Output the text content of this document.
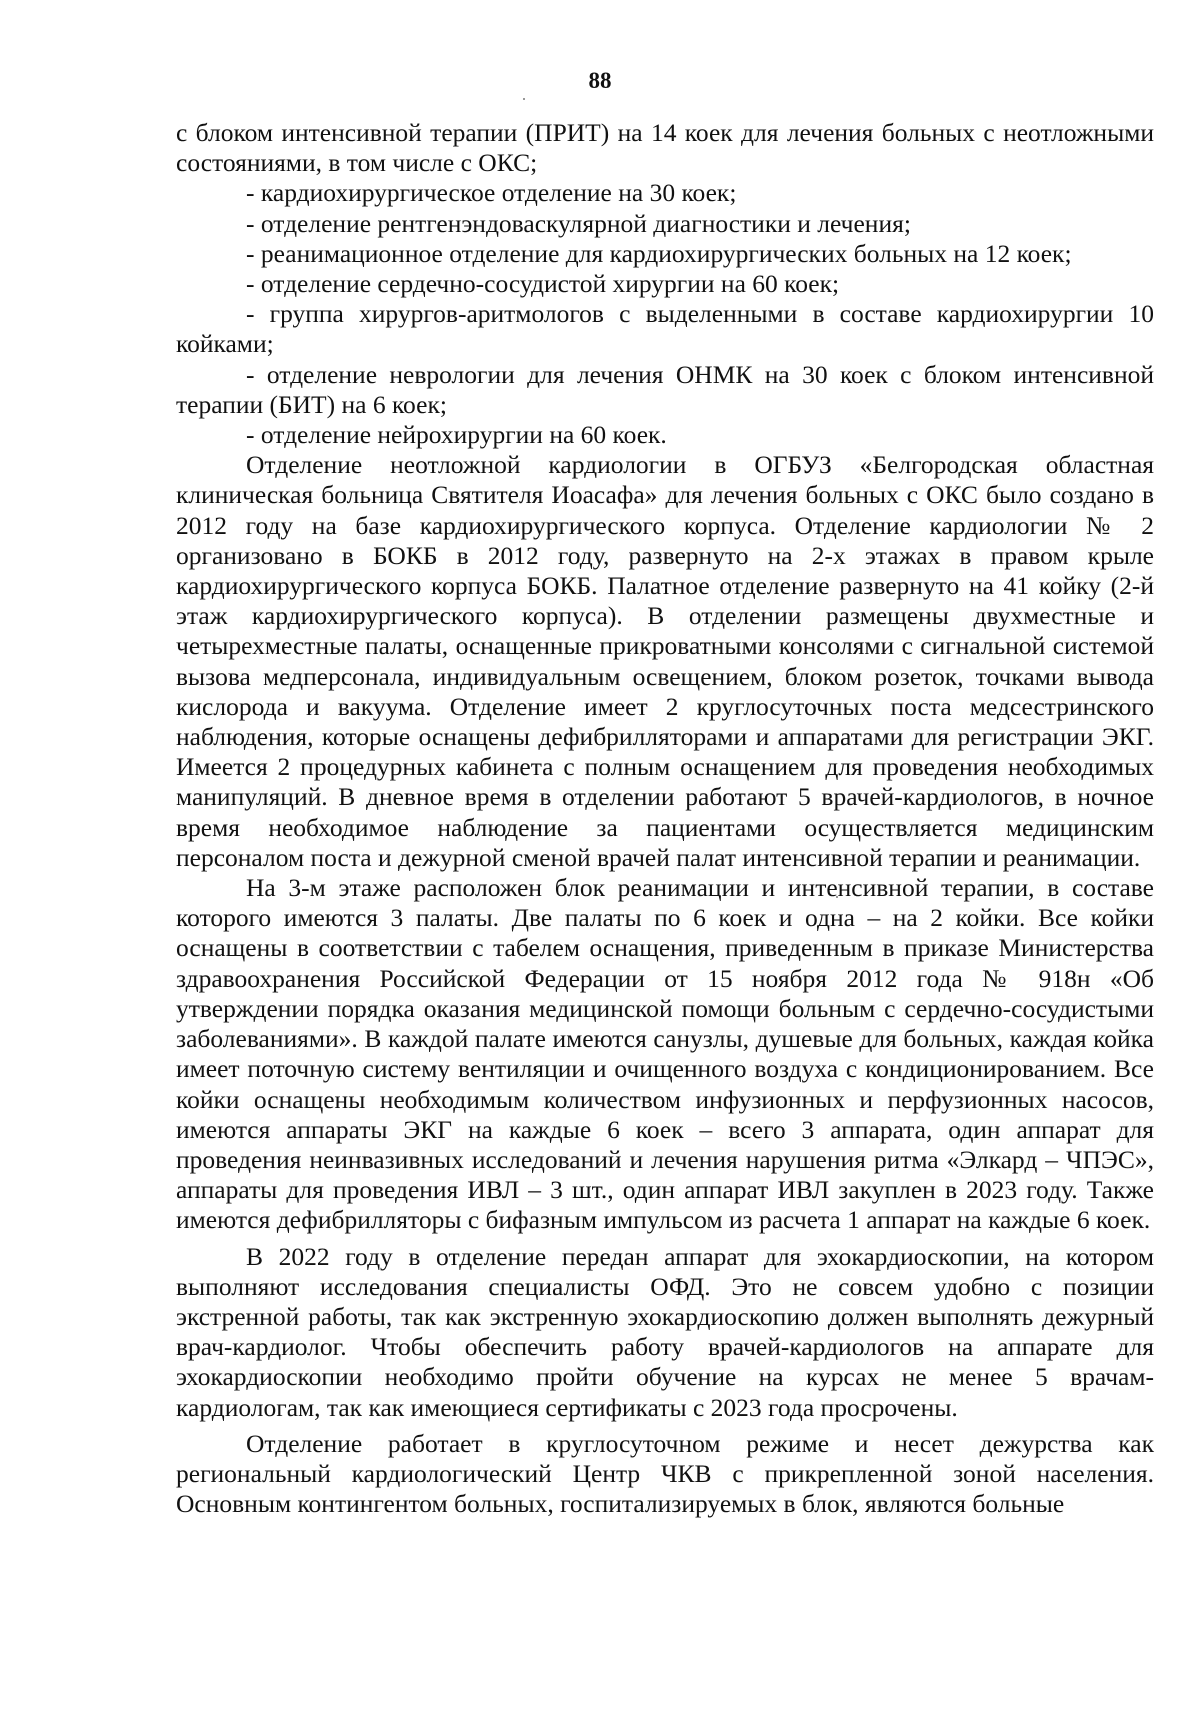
88

с блоком интенсивной терапии (ПРИТ) на 14 коек для лечения больных с неотложными состояниями, в том числе с ОКС;

- кардиохирургическое отделение на 30 коек;

- отделение рентгенэндоваскулярной диагностики и лечения;

- реанимационное отделение для кардиохирургических больных на 12 коек;

- отделение сердечно-сосудистой хирургии на 60 коек;

- группа хирургов-аритмологов с выделенными в составе кардиохирургии 10 койками;

- отделение неврологии для лечения ОНМК на 30 коек с блоком интенсивной терапии (БИТ) на 6 коек;

- отделение нейрохирургии на 60 коек.

Отделение неотложной кардиологии в ОГБУЗ «Белгородская областная клиническая больница Святителя Иоасафа» для лечения больных с ОКС было создано в 2012 году на базе кардиохирургического корпуса. Отделение кардиологии № 2 организовано в БОКБ в 2012 году, развернуто на 2-х этажах в правом крыле кардиохирургического корпуса БОКБ. Палатное отделение развернуто на 41 койку (2-й этаж кардиохирургического корпуса). В отделении размещены двухместные и четырехместные палаты, оснащенные прикроватными консолями с сигнальной системой вызова медперсонала, индивидуальным освещением, блоком розеток, точками вывода кислорода и вакуума. Отделение имеет 2 круглосуточных поста медсестринского наблюдения, которые оснащены дефибрилляторами и аппаратами для регистрации ЭКГ. Имеется 2 процедурных кабинета с полным оснащением для проведения необходимых манипуляций. В дневное время в отделении работают 5 врачей-кардиологов, в ночное время необходимое наблюдение за пациентами осуществляется медицинским персоналом поста и дежурной сменой врачей палат интенсивной терапии и реанимации.

На 3-м этаже расположен блок реанимации и интенсивной терапии, в составе которого имеются 3 палаты. Две палаты по 6 коек и одна – на 2 койки. Все койки оснащены в соответствии с табелем оснащения, приведенным в приказе Министерства здравоохранения Российской Федерации от 15 ноября 2012 года № 918н «Об утверждении порядка оказания медицинской помощи больным с сердечно-сосудистыми заболеваниями». В каждой палате имеются санузлы, душевые для больных, каждая койка имеет поточную систему вентиляции и очищенного воздуха с кондиционированием. Все койки оснащены необходимым количеством инфузионных и перфузионных насосов, имеются аппараты ЭКГ на каждые 6 коек – всего 3 аппарата, один аппарат для проведения неинвазивных исследований и лечения нарушения ритма «Элкард – ЧПЭС», аппараты для проведения ИВЛ – 3 шт., один аппарат ИВЛ закуплен в 2023 году. Также имеются дефибрилляторы с бифазным импульсом из расчета 1 аппарат на каждые 6 коек.

В 2022 году в отделение передан аппарат для эхокардиоскопии, на котором выполняют исследования специалисты ОФД. Это не совсем удобно с позиции экстренной работы, так как экстренную эхокардиоскопию должен выполнять дежурный врач-кардиолог. Чтобы обеспечить работу врачей-кардиологов на аппарате для эхокардиоскопии необходимо пройти обучение на курсах не менее 5 врачам-кардиологам, так как имеющиеся сертификаты с 2023 года просрочены.

Отделение работает в круглосуточном режиме и несет дежурства как региональный кардиологический Центр ЧКВ с прикрепленной зоной населения. Основным контингентом больных, госпитализируемых в блок, являются больные
